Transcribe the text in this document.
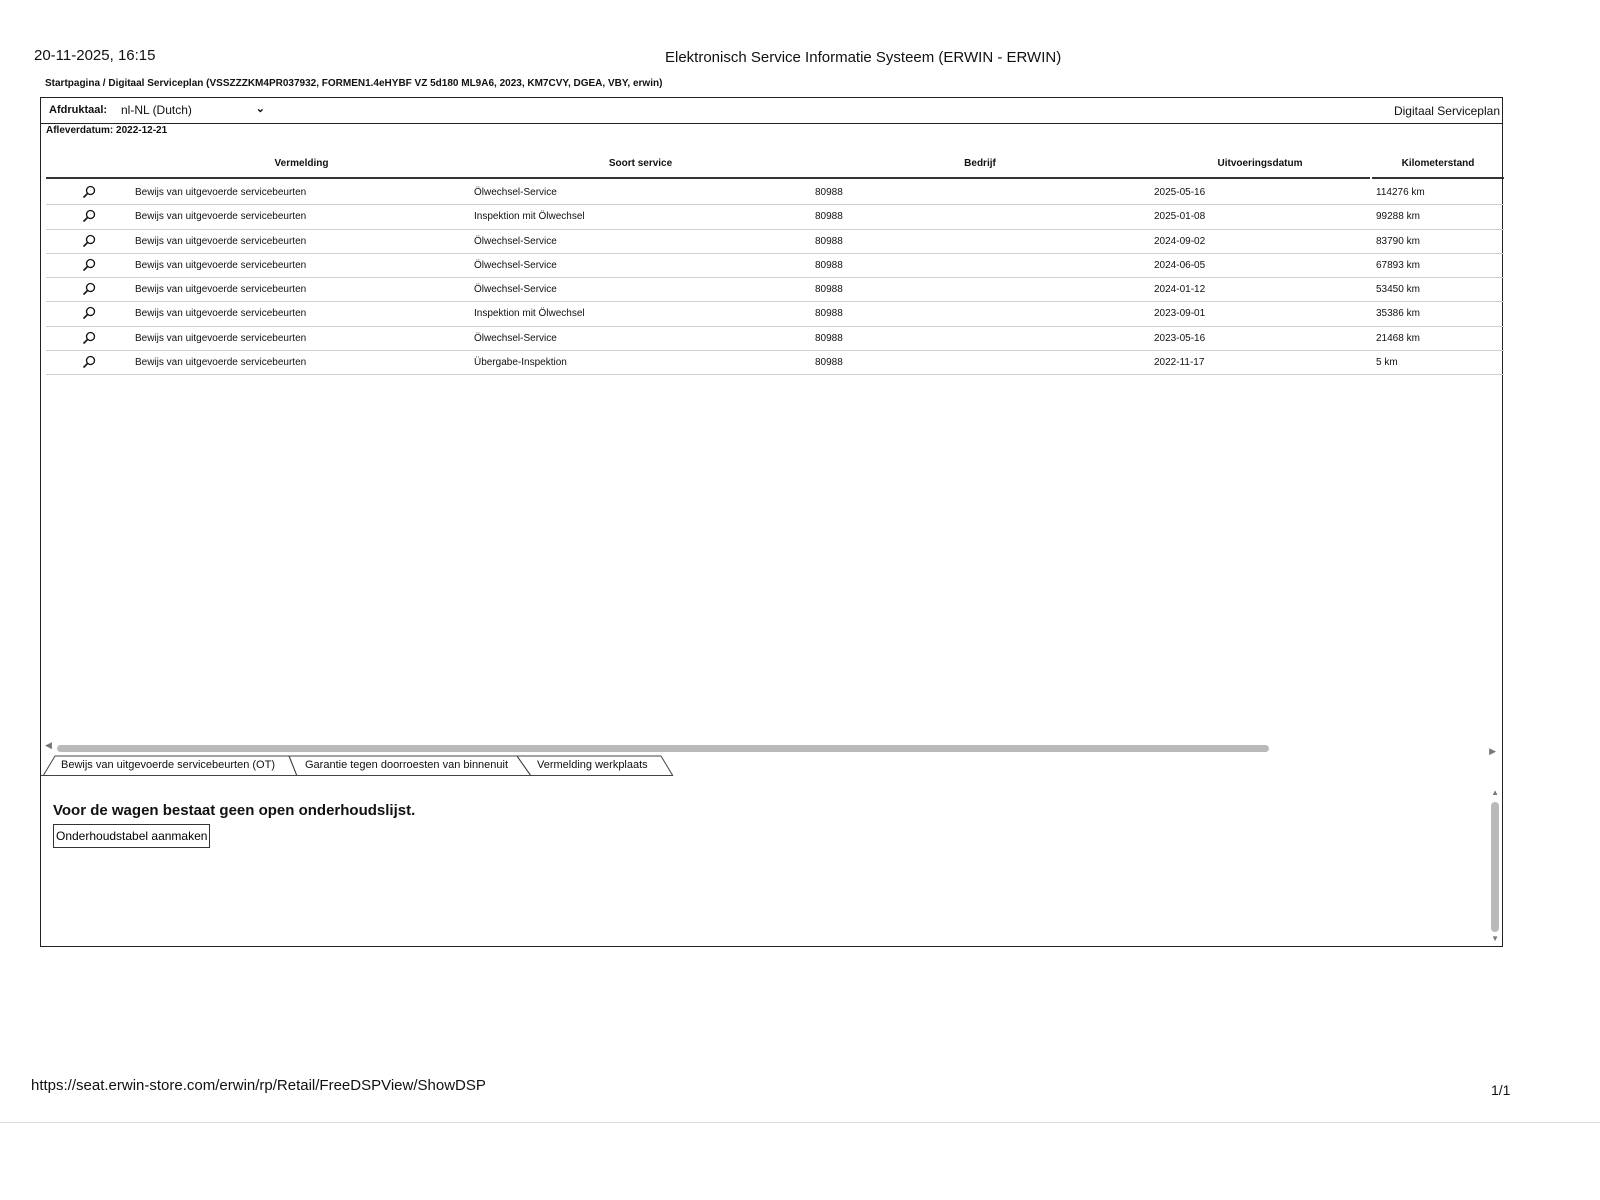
20-11-2025, 16:15	Elektronisch Service Informatie Systeem (ERWIN - ERWIN)
Startpagina / Digitaal Serviceplan (VSSZZZKM4PR037932, FORMEN1.4eHYBF VZ 5d180 ML9A6, 2023, KM7CVY, DGEA, VBY, erwin)
Afdruktaal: nl-NL (Dutch)	⌄	Digitaal Serviceplan
Afleverdatum: 2022-12-21
Vermelding	Soort service	Bedrijf	Uitvoeringsdatum	Kilometerstand
Bewijs van uitgevoerde servicebeurten	Ölwechsel-Service	80988	2025-05-16	114276 km
Bewijs van uitgevoerde servicebeurten	Inspektion mit Ölwechsel	80988	2025-01-08	99288 km
Bewijs van uitgevoerde servicebeurten	Ölwechsel-Service	80988	2024-09-02	83790 km
Bewijs van uitgevoerde servicebeurten	Ölwechsel-Service	80988	2024-06-05	67893 km
Bewijs van uitgevoerde servicebeurten	Ölwechsel-Service	80988	2024-01-12	53450 km
Bewijs van uitgevoerde servicebeurten	Inspektion mit Ölwechsel	80988	2023-09-01	35386 km
Bewijs van uitgevoerde servicebeurten	Ölwechsel-Service	80988	2023-05-16	21468 km
Bewijs van uitgevoerde servicebeurten	Übergabe-Inspektion	80988	2022-11-17	5 km
◀
▶
Bewijs van uitgevoerde servicebeurten (OT)	Garantie tegen doorroesten van binnenuit	Vermelding werkplaats
Voor de wagen bestaat geen open onderhoudslijst.
Onderhoudstabel aanmaken
▲
▼
https://seat.erwin-store.com/erwin/rp/Retail/FreeDSPView/ShowDSP	1/1
